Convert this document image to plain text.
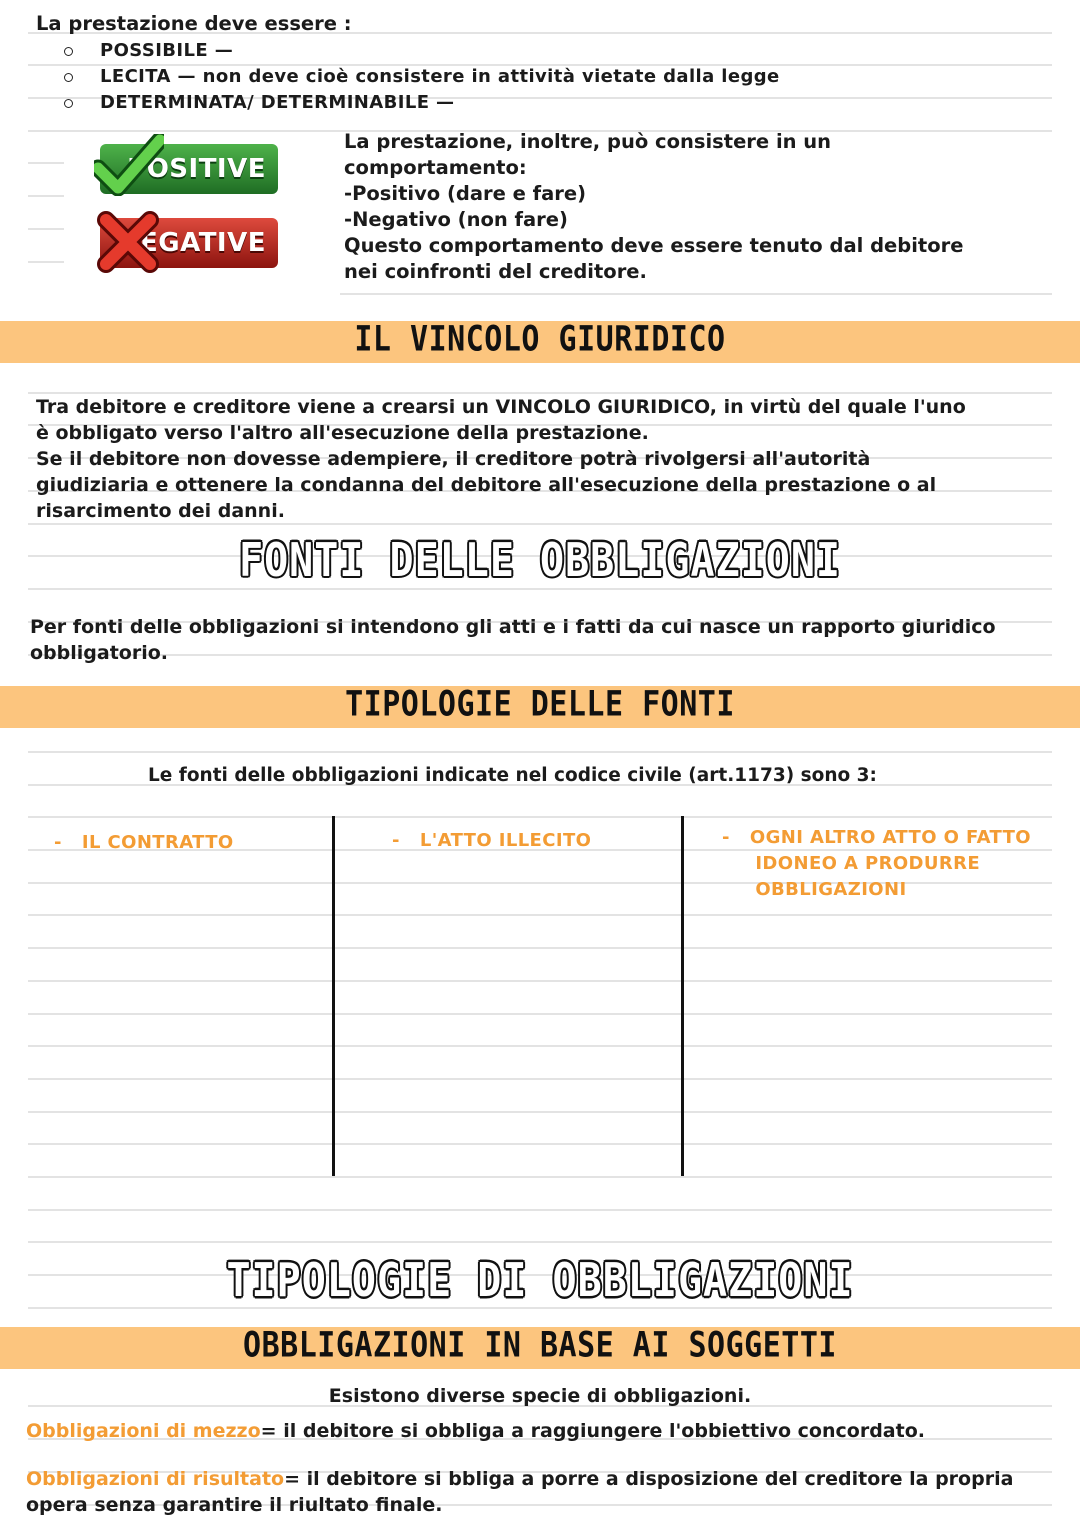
La prestazione deve essere :
POSSIBILE —
LECITA — non deve cioè consistere in attività vietate dalla legge
DETERMINATA/ DETERMINABILE —
POSITIVE
NEGATIVE
La prestazione, inoltre, può consistere in un
comportamento:
-Positivo (dare e fare)
-Negativo (non fare)
Questo comportamento deve essere tenuto dal debitore
nei coinfronti del creditore.
IL VINCOLO GIURIDICO
Tra debitore e creditore viene a crearsi un VINCOLO GIURIDICO, in virtù del quale l'uno
è obbligato verso l'altro all'esecuzione della prestazione.
Se il debitore non dovesse adempiere, il creditore potrà rivolgersi all'autorità
giudiziaria e ottenere la condanna del debitore all'esecuzione della prestazione o al
risarcimento dei danni.
FONTI DELLE OBBLIGAZIONI
Per fonti delle obbligazioni si intendono gli atti e i fatti da cui nasce un rapporto giuridico
obbligatorio.
TIPOLOGIE DELLE FONTI
Le fonti delle obbligazioni indicate nel codice civile (art.1173) sono 3:
-   IL CONTRATTO	-   L'ATTO ILLECITO	-   OGNI ALTRO ATTO O FATTO
IDONEO A PRODURRE
OBBLIGAZIONI
TIPOLOGIE DI OBBLIGAZIONI
OBBLIGAZIONI IN BASE AI SOGGETTI
Esistono diverse specie di obbligazioni.
Obbligazioni di mezzo= il debitore si obbliga a raggiungere l'obbiettivo concordato.
Obbligazioni di risultato= il debitore si bbliga a porre a disposizione del creditore la propria
opera senza garantire il riultato finale.
